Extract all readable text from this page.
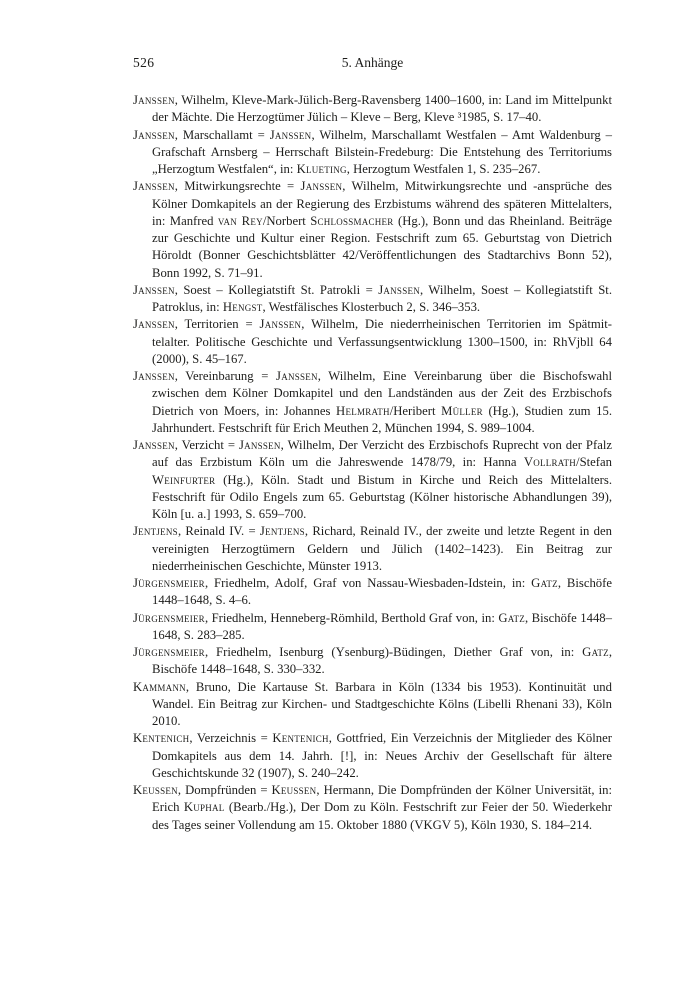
526	5. Anhänge

Janssen, Wilhelm, Kleve-Mark-Jülich-Berg-Ravensberg 1400–1600, in: Land im Mittelpunkt der Mächte. Die Herzogtümer Jülich – Kleve – Berg, Kleve ³1985, S. 17–40.

Janssen, Marschallamt = Janssen, Wilhelm, Marschallamt Westfalen – Amt Waldenburg – Grafschaft Arnsberg – Herrschaft Bilstein-Fredeburg: Die Entstehung des Territoriums „Herzogtum Westfalen“, in: Klueting, Herzogtum Westfalen 1, S. 235–267.

Janssen, Mitwirkungsrechte = Janssen, Wilhelm, Mitwirkungsrechte und -ansprüche des Kölner Domkapitels an der Regierung des Erzbistums während des späteren Mittelalters, in: Manfred van Rey/Norbert Schlossmacher (Hg.), Bonn und das Rheinland. Beiträge zur Geschichte und Kultur einer Region. Festschrift zum 65. Geburtstag von Dietrich Höroldt (Bonner Geschichtsblätter 42/Veröffentlichungen des Stadtarchivs Bonn 52), Bonn 1992, S. 71–91.

Janssen, Soest – Kollegiatstift St. Patrokli = Janssen, Wilhelm, Soest – Kollegiatstift St. Patroklus, in: Hengst, Westfälisches Klosterbuch 2, S. 346–353.

Janssen, Territorien = Janssen, Wilhelm, Die niederrheinischen Territorien im Spätmittelalter. Politische Geschichte und Verfassungsentwicklung 1300–1500, in: RhVjbll 64 (2000), S. 45–167.

Janssen, Vereinbarung = Janssen, Wilhelm, Eine Vereinbarung über die Bischofswahl zwischen dem Kölner Domkapitel und den Landständen aus der Zeit des Erzbischofs Dietrich von Moers, in: Johannes Helmrath/Heribert Müller (Hg.), Studien zum 15. Jahrhundert. Festschrift für Erich Meuthen 2, München 1994, S. 989–1004.

Janssen, Verzicht = Janssen, Wilhelm, Der Verzicht des Erzbischofs Ruprecht von der Pfalz auf das Erzbistum Köln um die Jahreswende 1478/79, in: Hanna Vollrath/Stefan Weinfurter (Hg.), Köln. Stadt und Bistum in Kirche und Reich des Mittelalters. Festschrift für Odilo Engels zum 65. Geburtstag (Kölner historische Abhandlungen 39), Köln [u. a.] 1993, S. 659–700.

Jentjens, Reinald IV. = Jentjens, Richard, Reinald IV., der zweite und letzte Regent in den vereinigten Herzogtümern Geldern und Jülich (1402–1423). Ein Beitrag zur niederrheinischen Geschichte, Münster 1913.

Jürgensmeier, Friedhelm, Adolf, Graf von Nassau-Wiesbaden-Idstein, in: Gatz, Bischöfe 1448–1648, S. 4–6.

Jürgensmeier, Friedhelm, Henneberg-Römhild, Berthold Graf von, in: Gatz, Bischöfe 1448–1648, S. 283–285.

Jürgensmeier, Friedhelm, Isenburg (Ysenburg)-Büdingen, Diether Graf von, in: Gatz, Bischöfe 1448–1648, S. 330–332.

Kammann, Bruno, Die Kartause St. Barbara in Köln (1334 bis 1953). Kontinuität und Wandel. Ein Beitrag zur Kirchen- und Stadtgeschichte Kölns (Libelli Rhenani 33), Köln 2010.

Kentenich, Verzeichnis = Kentenich, Gottfried, Ein Verzeichnis der Mitglieder des Kölner Domkapitels aus dem 14. Jahrh. [!], in: Neues Archiv der Gesellschaft für ältere Geschichtskunde 32 (1907), S. 240–242.

Keussen, Dompfründen = Keussen, Hermann, Die Dompfründen der Kölner Universität, in: Erich Kuphal (Bearb./Hg.), Der Dom zu Köln. Festschrift zur Feier der 50. Wiederkehr des Tages seiner Vollendung am 15. Oktober 1880 (VKGV 5), Köln 1930, S. 184–214.
